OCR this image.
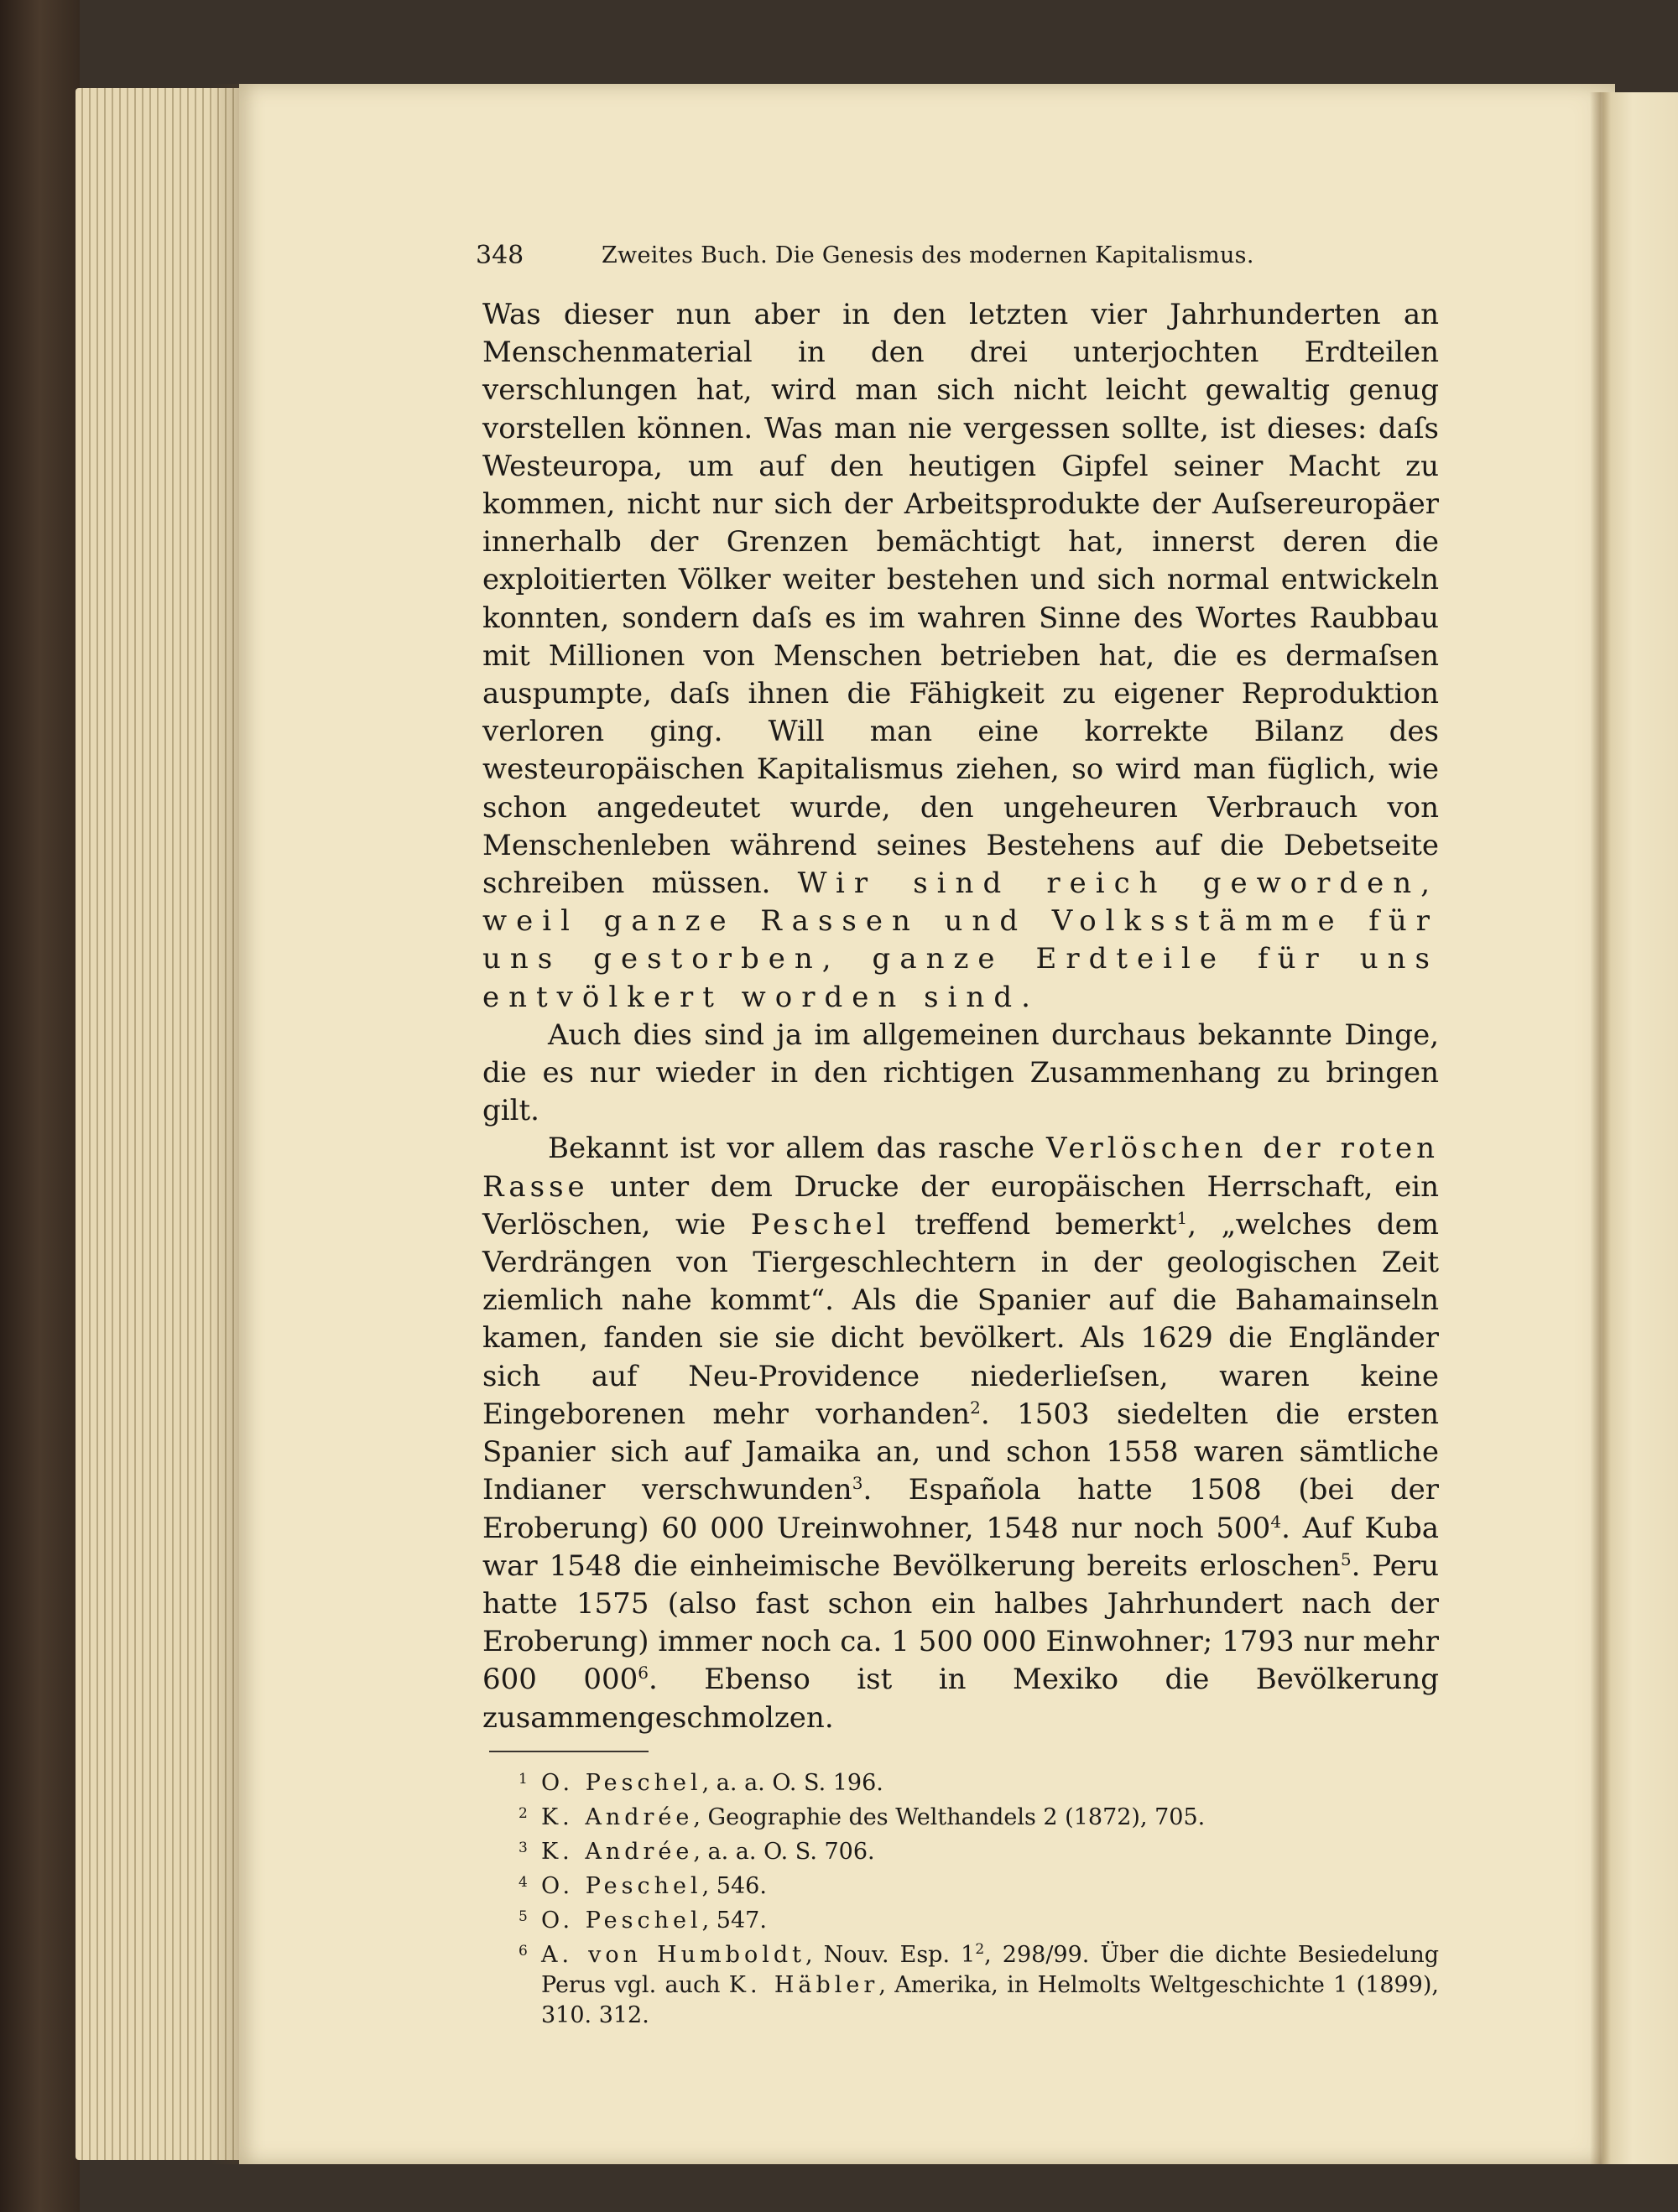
348	Zweites Buch. Die Genesis des modernen Kapitalismus.

Was dieser nun aber in den letzten vier Jahrhunderten an Menschenmaterial in den drei unterjochten Erdteilen verschlungen hat, wird man sich nicht leicht gewaltig genug vorstellen können. Was man nie vergessen sollte, ist dieses: daſs Westeuropa, um auf den heutigen Gipfel seiner Macht zu kommen, nicht nur sich der Arbeitsprodukte der Auſsereuropäer innerhalb der Grenzen bemächtigt hat, innerst deren die exploitierten Völker weiter bestehen und sich normal entwickeln konnten, sondern daſs es im wahren Sinne des Wortes Raubbau mit Millionen von Menschen betrieben hat, die es dermaſsen auspumpte, daſs ihnen die Fähigkeit zu eigener Reproduktion verloren ging. Will man eine korrekte Bilanz des westeuropäischen Kapitalismus ziehen, so wird man füglich, wie schon angedeutet wurde, den ungeheuren Verbrauch von Menschenleben während seines Bestehens auf die Debetseite schreiben müssen. Wir sind reich geworden, weil ganze Rassen und Volksstämme für uns gestorben, ganze Erdteile für uns entvölkert worden sind.

Auch dies sind ja im allgemeinen durchaus bekannte Dinge, die es nur wieder in den richtigen Zusammenhang zu bringen gilt.

Bekannt ist vor allem das rasche Verlöschen der roten Rasse unter dem Drucke der europäischen Herrschaft, ein Verlöschen, wie Peschel treffend bemerkt$^1$, „welches dem Verdrängen von Tiergeschlechtern in der geologischen Zeit ziemlich nahe kommt“. Als die Spanier auf die Bahamainseln kamen, fanden sie sie dicht bevölkert. Als 1629 die Engländer sich auf Neu-Providence niederlieſsen, waren keine Eingeborenen mehr vorhanden$^2$. 1503 siedelten die ersten Spanier sich auf Jamaika an, und schon 1558 waren sämtliche Indianer verschwunden$^3$. Española hatte 1508 (bei der Eroberung) 60 000 Ureinwohner, 1548 nur noch $500^4$. Auf Kuba war 1548 die einheimische Bevölkerung bereits erloschen$^5$. Peru hatte 1575 (also fast schon ein halbes Jahrhundert nach der Eroberung) immer noch ca. 1 500 000 Einwohner; 1793 nur mehr 600 $000^6$. Ebenso ist in Mexiko die Bevölkerung zusammengeschmolzen.

1 O. Peschel, a. a. O. S. 196.
2 K. Andrée, Geographie des Welthandels 2 (1872), 705.
3 K. Andrée, a. a. O. S. 706.
4 O. Peschel, 546.
5 O. Peschel, 547.
6 A. von Humboldt, Nouv. Esp. $1^2$, 298/99. Über die dichte Besiedelung Perus vgl. auch K. Häbler, Amerika, in Helmolts Weltgeschichte 1 (1899), 310. 312.
